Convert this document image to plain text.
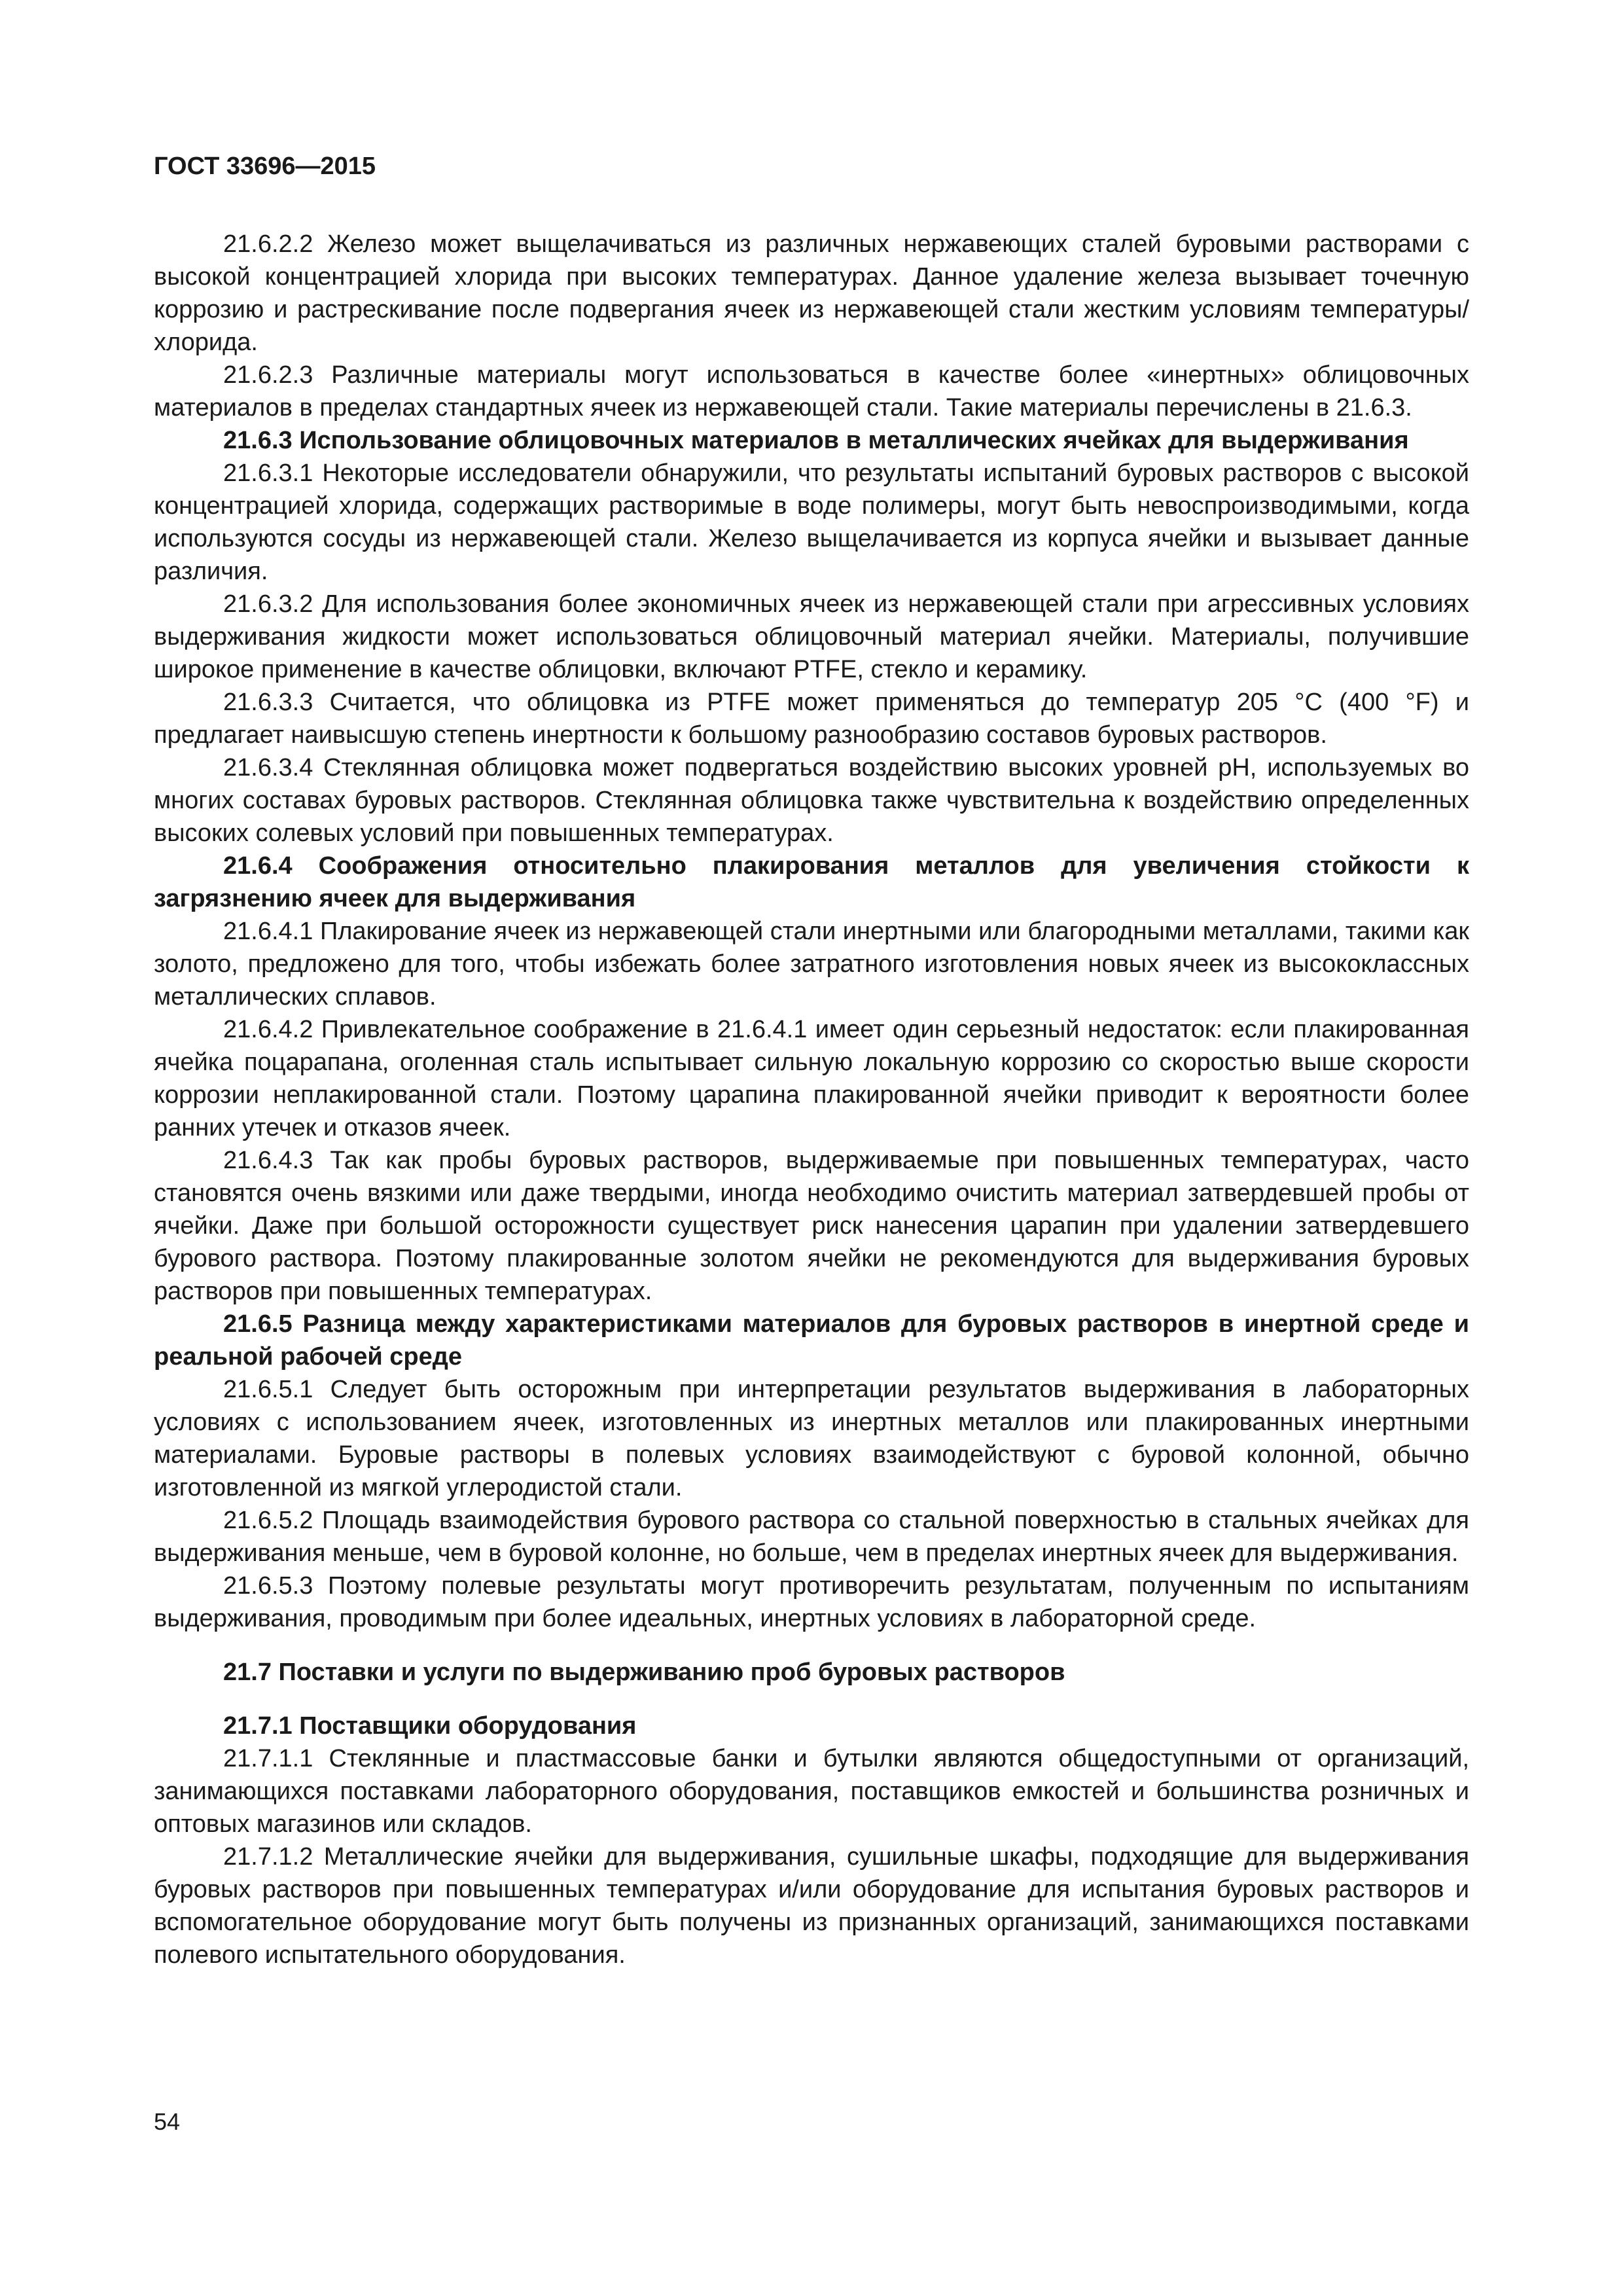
ГОСТ 33696—2015

21.6.2.2 Железо может выщелачиваться из различных нержавеющих сталей буровыми растворами с высокой концентрацией хлорида при высоких температурах. Данное удаление железа вызывает точечную коррозию и растрескивание после подвергания ячеек из нержавеющей стали жестким условиям температуры/хлорида.

21.6.2.3 Различные материалы могут использоваться в качестве более «инертных» облицовочных материалов в пределах стандартных ячеек из нержавеющей стали. Такие материалы перечислены в 21.6.3.

21.6.3 Использование облицовочных материалов в металлических ячейках для выдерживания

21.6.3.1 Некоторые исследователи обнаружили, что результаты испытаний буровых растворов с высокой концентрацией хлорида, содержащих растворимые в воде полимеры, могут быть невоспроизводимыми, когда используются сосуды из нержавеющей стали. Железо выщелачивается из корпуса ячейки и вызывает данные различия.

21.6.3.2 Для использования более экономичных ячеек из нержавеющей стали при агрессивных условиях выдерживания жидкости может использоваться облицовочный материал ячейки. Материалы, получившие широкое применение в качестве облицовки, включают PTFE, стекло и керамику.

21.6.3.3 Считается, что облицовка из PTFE может применяться до температур 205 °C (400 °F) и предлагает наивысшую степень инертности к большому разнообразию составов буровых растворов.

21.6.3.4 Стеклянная облицовка может подвергаться воздействию высоких уровней pH, используемых во многих составах буровых растворов. Стеклянная облицовка также чувствительна к воздействию определенных высоких солевых условий при повышенных температурах.

21.6.4 Соображения относительно плакирования металлов для увеличения стойкости к загрязнению ячеек для выдерживания

21.6.4.1 Плакирование ячеек из нержавеющей стали инертными или благородными металлами, такими как золото, предложено для того, чтобы избежать более затратного изготовления новых ячеек из высококлассных металлических сплавов.

21.6.4.2 Привлекательное соображение в 21.6.4.1 имеет один серьезный недостаток: если плакированная ячейка поцарапана, оголенная сталь испытывает сильную локальную коррозию со скоростью выше скорости коррозии неплакированной стали. Поэтому царапина плакированной ячейки приводит к вероятности более ранних утечек и отказов ячеек.

21.6.4.3 Так как пробы буровых растворов, выдерживаемые при повышенных температурах, часто становятся очень вязкими или даже твердыми, иногда необходимо очистить материал затвердевшей пробы от ячейки. Даже при большой осторожности существует риск нанесения царапин при удалении затвердевшего бурового раствора. Поэтому плакированные золотом ячейки не рекомендуются для выдерживания буровых растворов при повышенных температурах.

21.6.5 Разница между характеристиками материалов для буровых растворов в инертной среде и реальной рабочей среде

21.6.5.1 Следует быть осторожным при интерпретации результатов выдерживания в лабораторных условиях с использованием ячеек, изготовленных из инертных металлов или плакированных инертными материалами. Буровые растворы в полевых условиях взаимодействуют с буровой колонной, обычно изготовленной из мягкой углеродистой стали.

21.6.5.2 Площадь взаимодействия бурового раствора со стальной поверхностью в стальных ячейках для выдерживания меньше, чем в буровой колонне, но больше, чем в пределах инертных ячеек для выдерживания.

21.6.5.3 Поэтому полевые результаты могут противоречить результатам, полученным по испытаниям выдерживания, проводимым при более идеальных, инертных условиях в лабораторной среде.

21.7 Поставки и услуги по выдерживанию проб буровых растворов

21.7.1 Поставщики оборудования

21.7.1.1 Стеклянные и пластмассовые банки и бутылки являются общедоступными от организаций, занимающихся поставками лабораторного оборудования, поставщиков емкостей и большинства розничных и оптовых магазинов или складов.

21.7.1.2 Металлические ячейки для выдерживания, сушильные шкафы, подходящие для выдерживания буровых растворов при повышенных температурах и/или оборудование для испытания буровых растворов и вспомогательное оборудование могут быть получены из признанных организаций, занимающихся поставками полевого испытательного оборудования.

54
